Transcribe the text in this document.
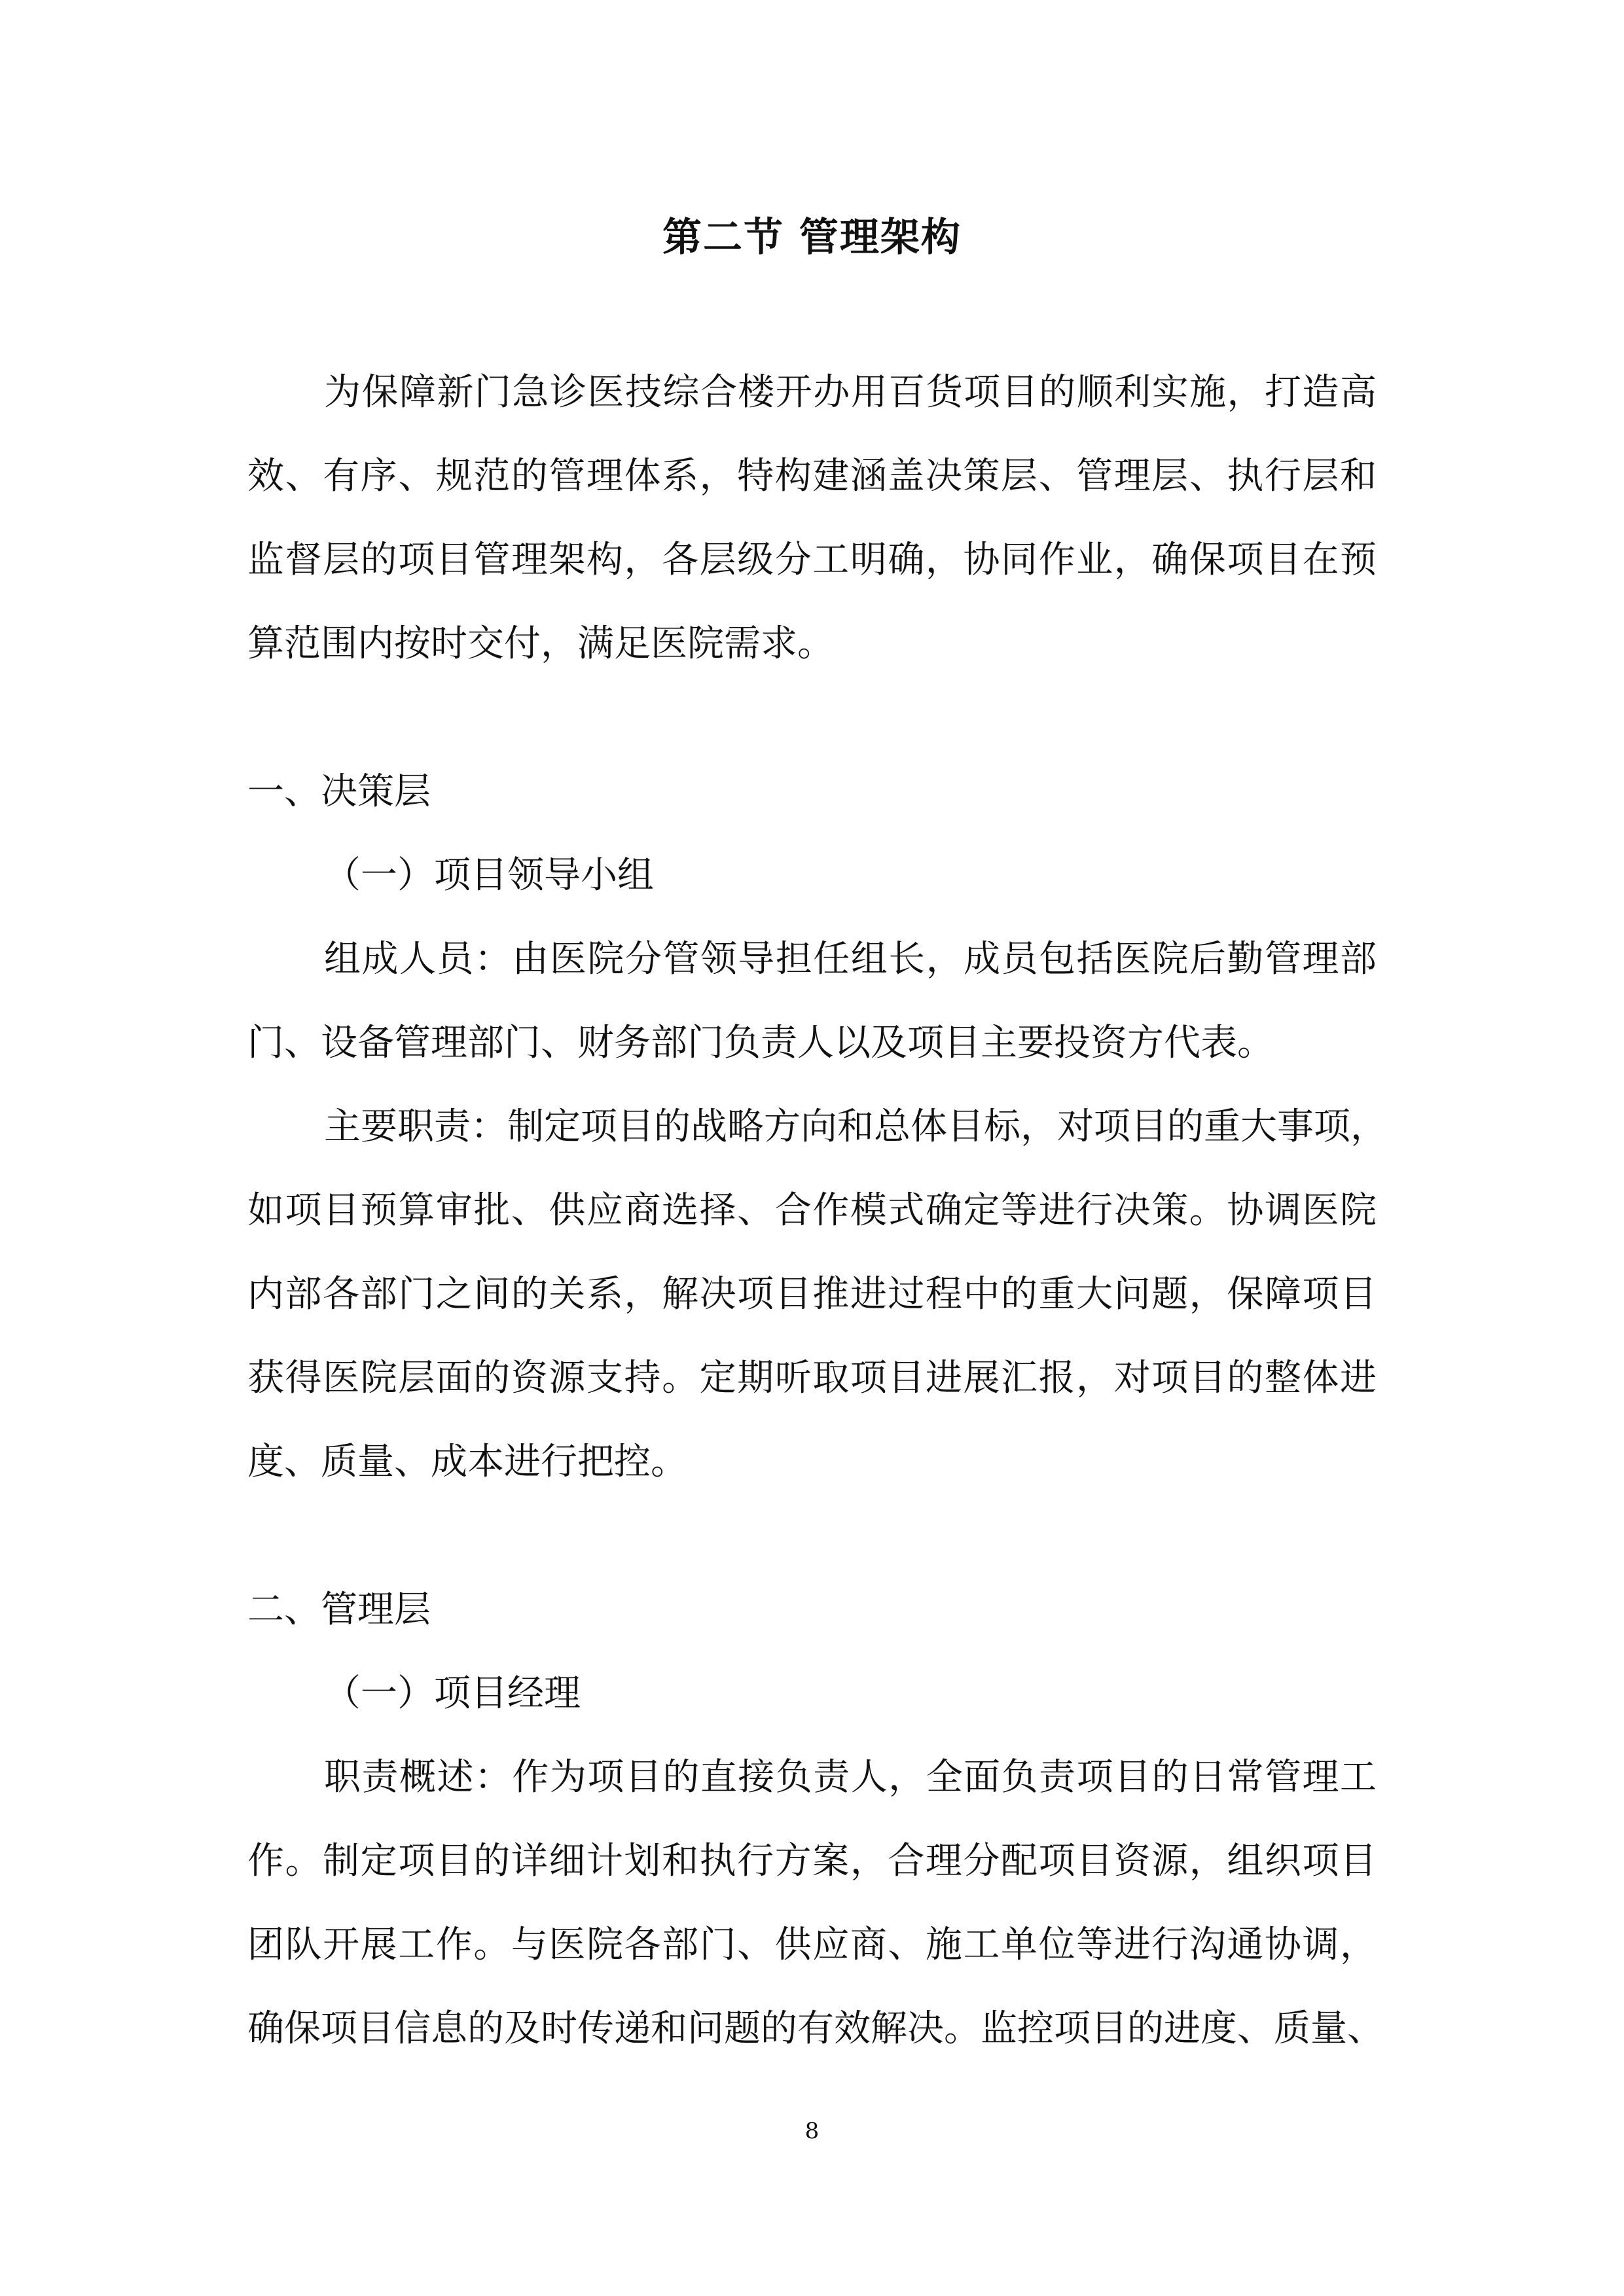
第二节 管理架构
为保障新门急诊医技综合楼开办用百货项目的顺利实施，打造高
效、有序、规范的管理体系，特构建涵盖决策层、管理层、执行层和
监督层的项目管理架构，各层级分工明确，协同作业，确保项目在预
算范围内按时交付，满足医院需求。
一、决策层
（一）项目领导小组
组成人员：由医院分管领导担任组长，成员包括医院后勤管理部
门、设备管理部门、财务部门负责人以及项目主要投资方代表。
主要职责：制定项目的战略方向和总体目标，对项目的重大事项，
如项目预算审批、供应商选择、合作模式确定等进行决策。协调医院
内部各部门之间的关系，解决项目推进过程中的重大问题，保障项目
获得医院层面的资源支持。定期听取项目进展汇报，对项目的整体进
度、质量、成本进行把控。
二、管理层
（一）项目经理
职责概述：作为项目的直接负责人，全面负责项目的日常管理工
作。制定项目的详细计划和执行方案，合理分配项目资源，组织项目
团队开展工作。与医院各部门、供应商、施工单位等进行沟通协调，
确保项目信息的及时传递和问题的有效解决。监控项目的进度、质量、
8
